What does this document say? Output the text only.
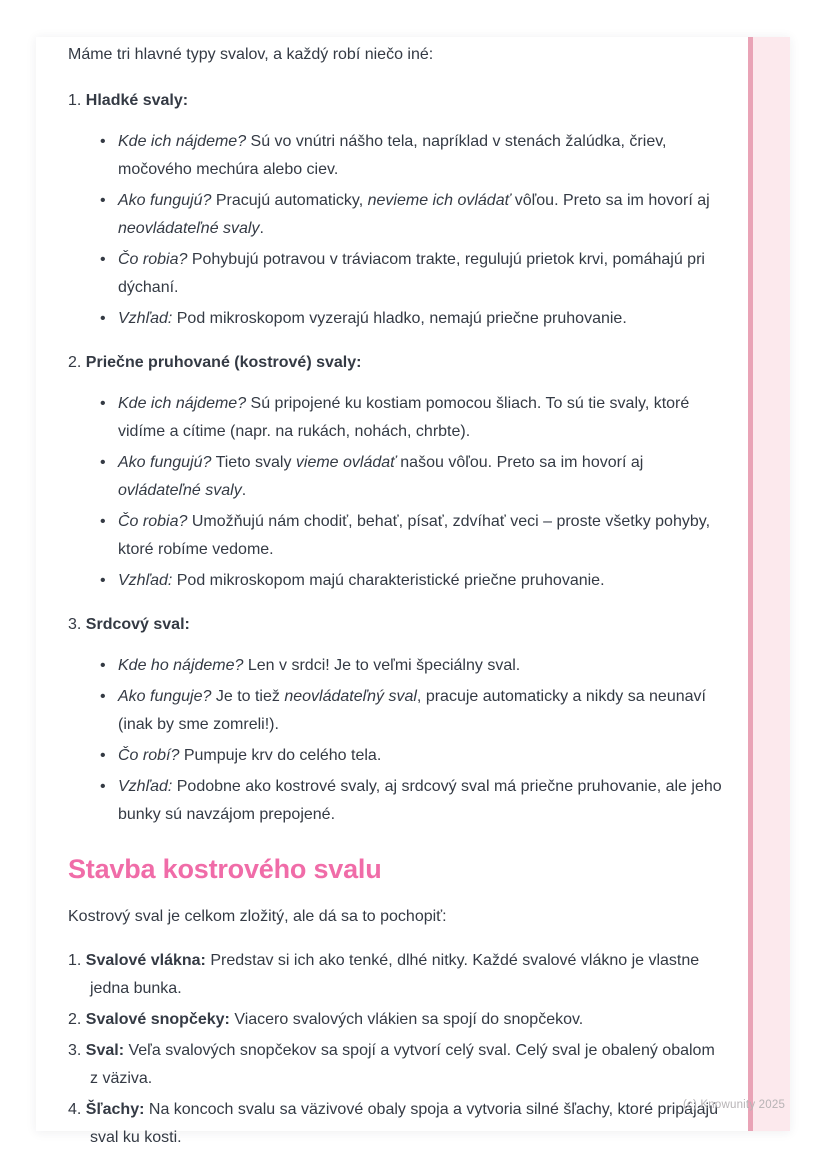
Máme tri hlavné typy svalov, a každý robí niečo iné:

1. Hladké svaly:

• Kde ich nájdeme? Sú vo vnútri nášho tela, napríklad v stenách žalúdka, čriev, močového mechúra alebo ciev.
• Ako fungujú? Pracujú automaticky, nevieme ich ovládať vôľou. Preto sa im hovorí aj neovládateľné svaly.
• Čo robia? Pohybujú potravou v tráviacom trakte, regulujú prietok krvi, pomáhajú pri dýchaní.
• Vzhľad: Pod mikroskopom vyzerajú hladko, nemajú priečne pruhovanie.

2. Priečne pruhované (kostrové) svaly:

• Kde ich nájdeme? Sú pripojené ku kostiam pomocou šliach. To sú tie svaly, ktoré vidíme a cítime (napr. na rukách, nohách, chrbte).
• Ako fungujú? Tieto svaly vieme ovládať našou vôľou. Preto sa im hovorí aj ovládateľné svaly.
• Čo robia? Umožňujú nám chodiť, behať, písať, zdvíhať veci – proste všetky pohyby, ktoré robíme vedome.
• Vzhľad: Pod mikroskopom majú charakteristické priečne pruhovanie.

3. Srdcový sval:

• Kde ho nájdeme? Len v srdci! Je to veľmi špeciálny sval.
• Ako funguje? Je to tiež neovládateľný sval, pracuje automaticky a nikdy sa neunaví (inak by sme zomreli!).
• Čo robí? Pumpuje krv do celého tela.
• Vzhľad: Podobne ako kostrové svaly, aj srdcový sval má priečne pruhovanie, ale jeho bunky sú navzájom prepojené.
Stavba kostrového svalu

Kostrový sval je celkom zložitý, ale dá sa to pochopiť:

1. Svalové vlákna: Predstav si ich ako tenké, dlhé nitky. Každé svalové vlákno je vlastne jedna bunka.
2. Svalové snopčeky: Viacero svalových vlákien sa spojí do snopčekov.
3. Sval: Veľa svalových snopčekov sa spojí a vytvorí celý sval. Celý sval je obalený obalom z väziva.
4. Šľachy: Na koncoch svalu sa väzivové obaly spoja a vytvoria silné šľachy, ktoré pripájajú sval ku kosti.
(c) Knowunity 2025
